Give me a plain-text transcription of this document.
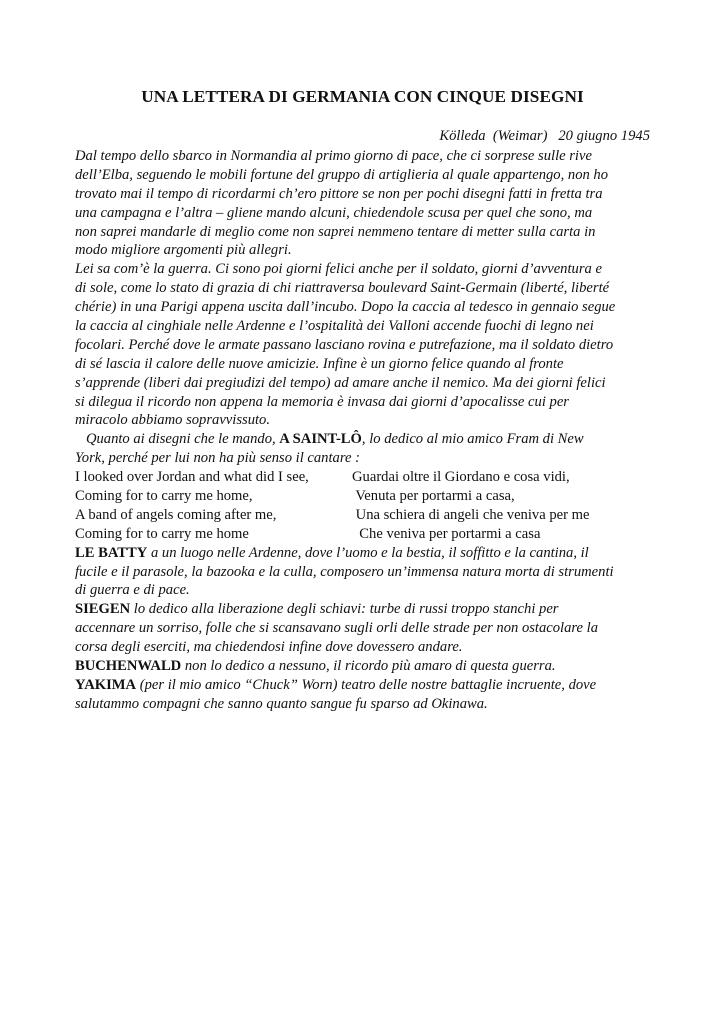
UNA LETTERA DI GERMANIA CON CINQUE DISEGNI
Kölleda  (Weimar)   20 giugno 1945
Dal tempo dello sbarco in Normandia al primo giorno di pace, che ci sorprese sulle rive
dell’Elba, seguendo le mobili fortune del gruppo di artiglieria al quale appartengo, non ho
trovato mai il tempo di ricordarmi ch’ero pittore se non per pochi disegni fatti in fretta tra
una campagna e l’altra – gliene mando alcuni, chiedendole scusa per quel che sono, ma
non saprei mandarle di meglio come non saprei nemmeno tentare di metter sulla carta in
modo migliore argomenti più allegri.
Lei sa com’è la guerra. Ci sono poi giorni felici anche per il soldato, giorni d’avventura e
di sole, come lo stato di grazia di chi riattraversa boulevard Saint-Germain (liberté, liberté
chérie) in una Parigi appena uscita dall’incubo. Dopo la caccia al tedesco in gennaio segue
la caccia al cinghiale nelle Ardenne e l’ospitalità dei Valloni accende fuochi di legno nei
focolari. Perché dove le armate passano lasciano rovina e putrefazione, ma il soldato dietro
di sé lascia il calore delle nuove amicizie. Infine è un giorno felice quando al fronte
s’apprende (liberi dai pregiudizi del tempo) ad amare anche il nemico. Ma dei giorni felici
si dilegua il ricordo non appena la memoria è invasa dai giorni d’apocalisse cui per
miracolo abbiamo sopravvissuto.
Quanto ai disegni che le mando, A SAINT-LÔ, lo dedico al mio amico Fram di New
York, perché per lui non ha più senso il cantare :
I looked over Jordan and what did I see,	Guardai oltre il Giordano e cosa vidi,
Coming for to carry me home,	Venuta per portarmi a casa,
A band of angels coming after me,	Una schiera di angeli che veniva per me
Coming for to carry me home	Che veniva per portarmi a casa
LE BATTY a un luogo nelle Ardenne, dove l’uomo e la bestia, il soffitto e la cantina, il
fucile e il parasole, la bazooka e la culla, composero un’immensa natura morta di strumenti
di guerra e di pace.
SIEGEN lo dedico alla liberazione degli schiavi: turbe di russi troppo stanchi per
accennare un sorriso, folle che si scansavano sugli orli delle strade per non ostacolare la
corsa degli eserciti, ma chiedendosi infine dove dovessero andare.
BUCHENWALD non lo dedico a nessuno, il ricordo più amaro di questa guerra.
YAKIMA (per il mio amico “Chuck” Worn) teatro delle nostre battaglie incruente, dove
salutammo compagni che sanno quanto sangue fu sparso ad Okinawa.
